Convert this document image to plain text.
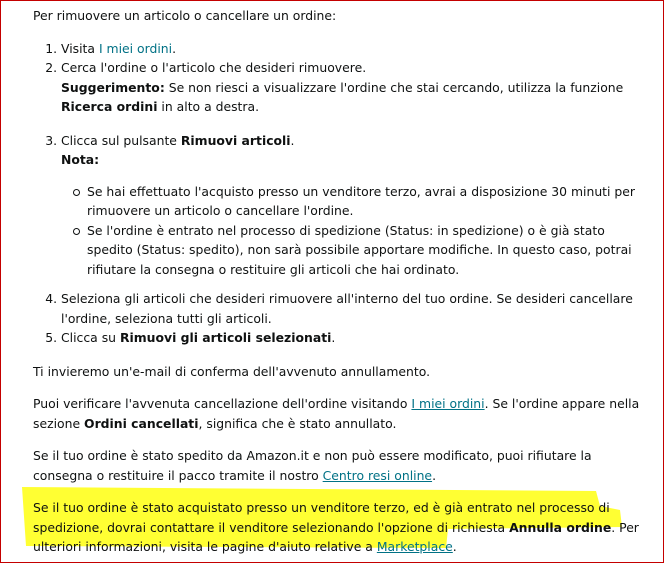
Per rimuovere un articolo o cancellare un ordine:

1. Visita I miei ordini.
2. Cerca l'ordine o l'articolo che desideri rimuovere.
Suggerimento: Se non riesci a visualizzare l'ordine che stai cercando, utilizza la funzione Ricerca ordini in alto a destra.
3. Clicca sul pulsante Rimuovi articoli.
Nota:
Se hai effettuato l'acquisto presso un venditore terzo, avrai a disposizione 30 minuti per rimuovere un articolo o cancellare l'ordine.
Se l'ordine è entrato nel processo di spedizione (Status: in spedizione) o è già stato spedito (Status: spedito), non sarà possibile apportare modifiche. In questo caso, potrai rifiutare la consegna o restituire gli articoli che hai ordinato.
4. Seleziona gli articoli che desideri rimuovere all'interno del tuo ordine. Se desideri cancellare l'ordine, seleziona tutti gli articoli.
5. Clicca su Rimuovi gli articoli selezionati.

Ti invieremo un'e-mail di conferma dell'avvenuto annullamento.

Puoi verificare l'avvenuta cancellazione dell'ordine visitando I miei ordini. Se l'ordine appare nella sezione Ordini cancellati, significa che è stato annullato.

Se il tuo ordine è stato spedito da Amazon.it e non può essere modificato, puoi rifiutare la consegna o restituire il pacco tramite il nostro Centro resi online.

Se il tuo ordine è stato acquistato presso un venditore terzo, ed è già entrato nel processo di spedizione, dovrai contattare il venditore selezionando l'opzione di richiesta Annulla ordine. Per ulteriori informazioni, visita le pagine d'aiuto relative a Marketplace.
